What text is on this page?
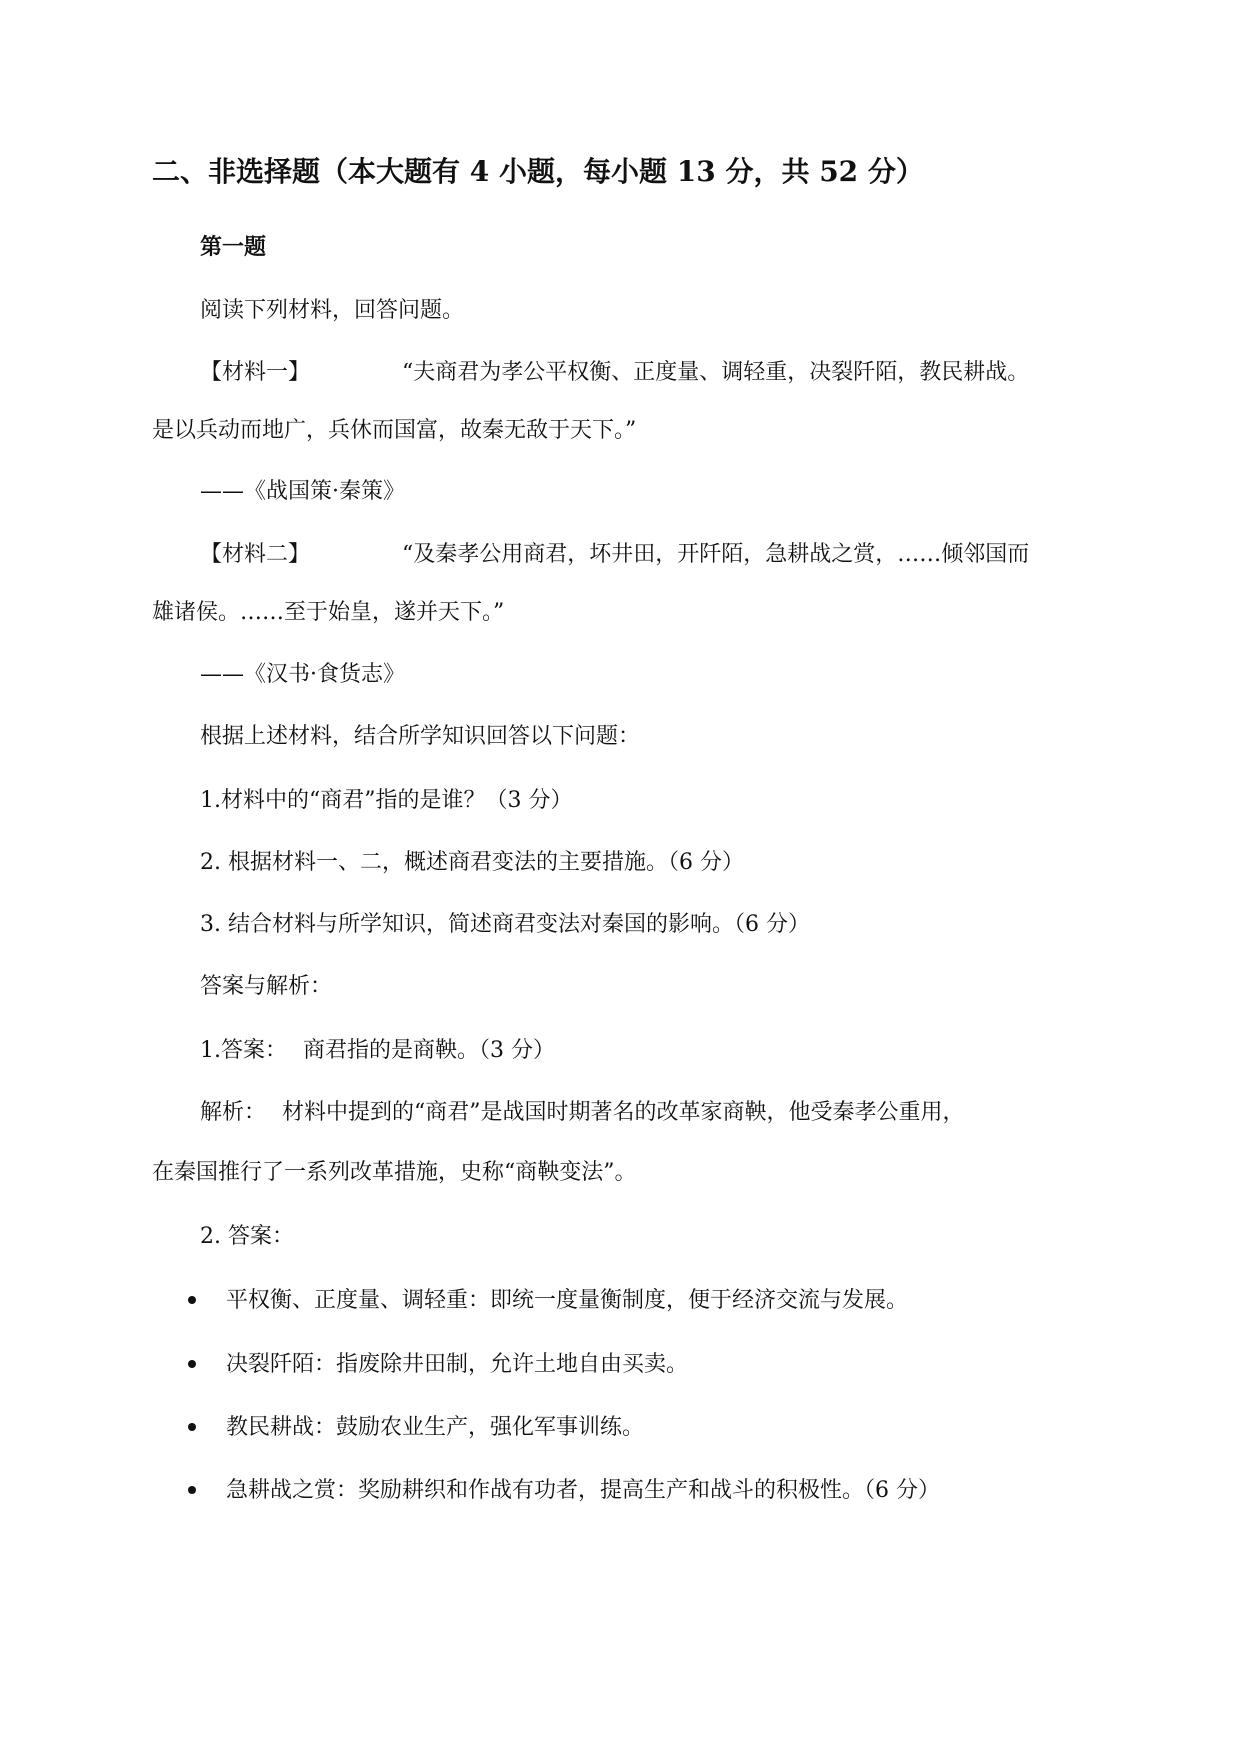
二、非选择题（本大题有 4 小题，每小题 13 分，共 52 分）
第一题
阅读下列材料，回答问题。
【材料一】	“夫商君为孝公平权衡、正度量、调轻重，决裂阡陌，教民耕战。
是以兵动而地广，兵休而国富，故秦无敌于天下。”
——《战国策·秦策》
【材料二】	“及秦孝公用商君，坏井田，开阡陌，急耕战之赏，……倾邻国而
雄诸侯。……至于始皇，遂并天下。”
——《汉书·食货志》
根据上述材料，结合所学知识回答以下问题：
1.材料中的“商君”指的是谁？（3 分）
2. 根据材料一、二，概述商君变法的主要措施。（6 分）
3. 结合材料与所学知识，简述商君变法对秦国的影响。（6 分）
答案与解析：
1.答案： 商君指的是商鞅。（3 分）
解析： 材料中提到的“商君”是战国时期著名的改革家商鞅，他受秦孝公重用，
在秦国推行了一系列改革措施，史称“商鞅变法”。
2. 答案：
平权衡、正度量、调轻重：即统一度量衡制度，便于经济交流与发展。
决裂阡陌：指废除井田制，允许土地自由买卖。
教民耕战：鼓励农业生产，强化军事训练。
急耕战之赏：奖励耕织和作战有功者，提高生产和战斗的积极性。（6 分）
